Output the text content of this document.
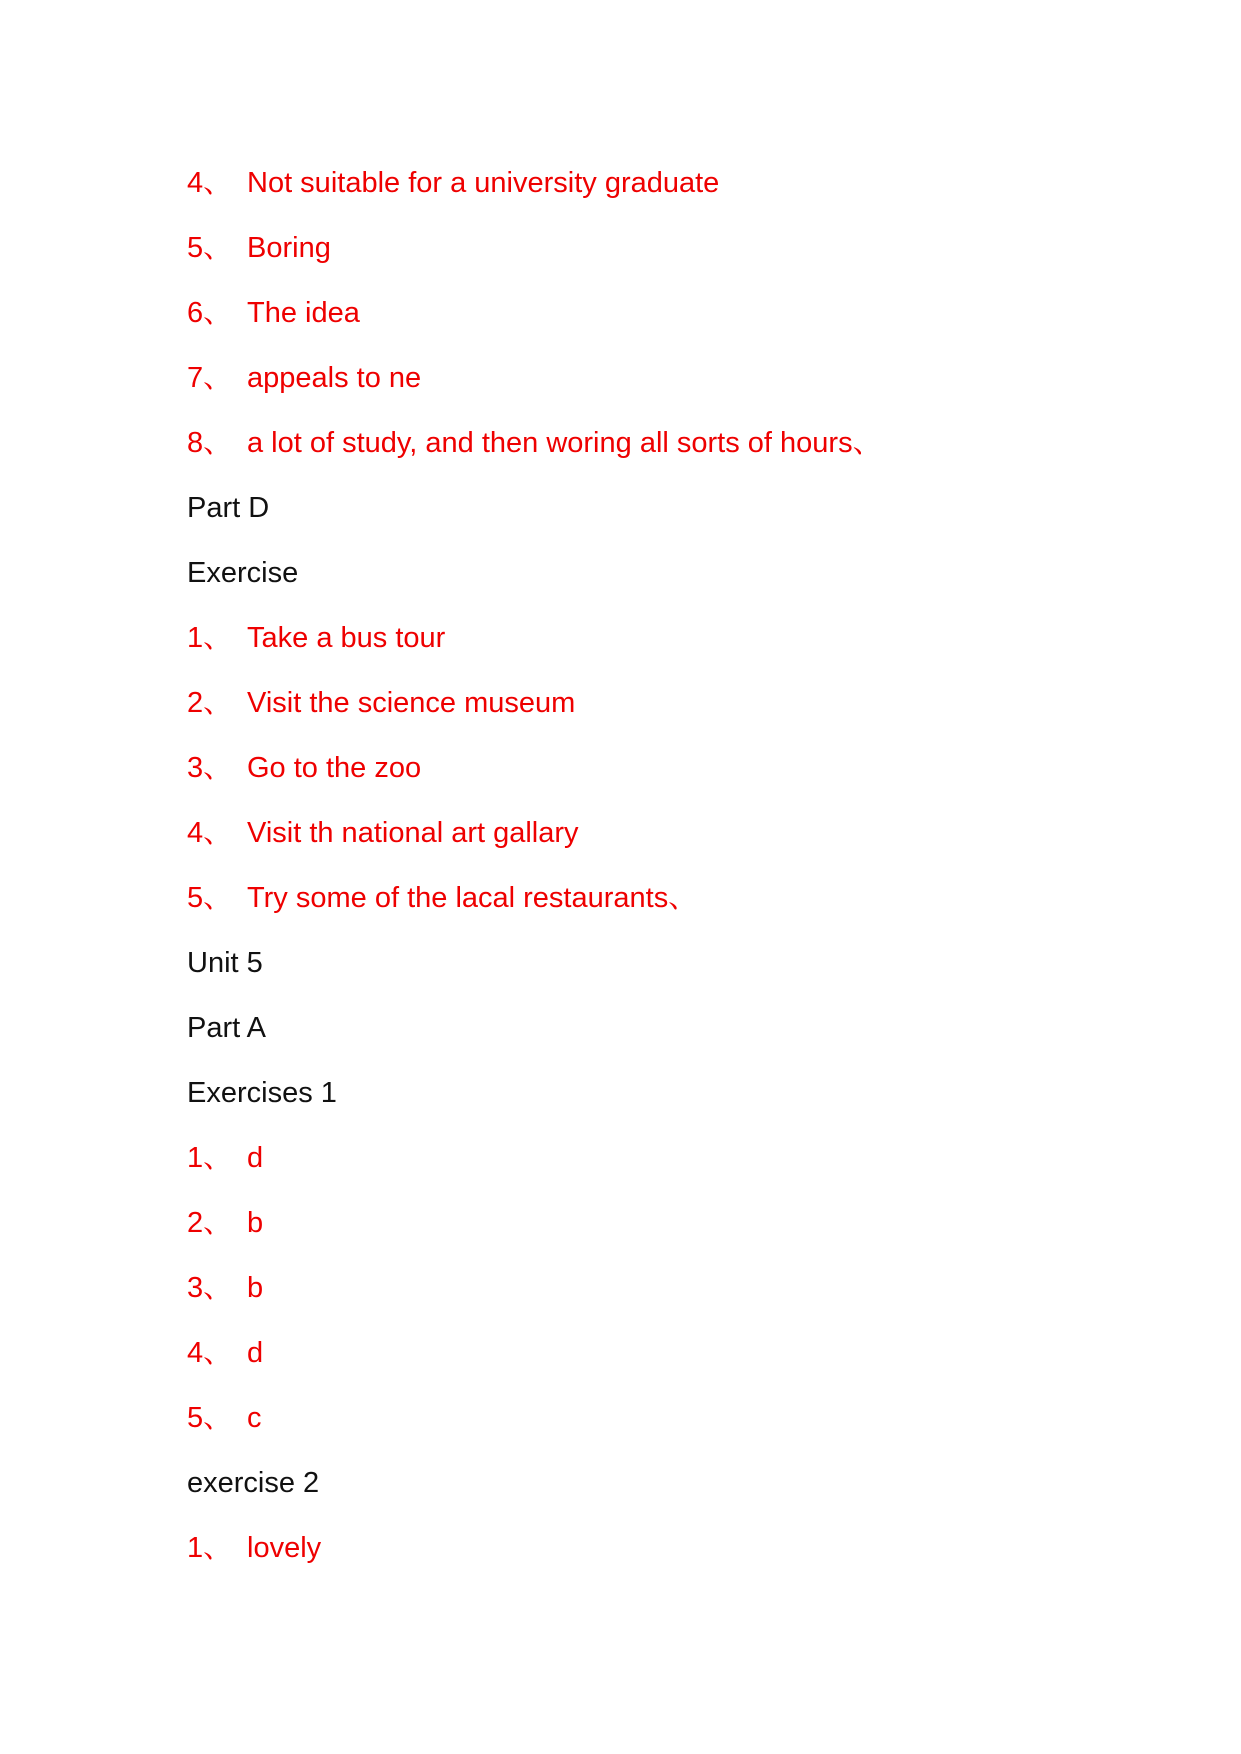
4、 Not suitable for a university graduate
5、 Boring
6、 The idea
7、 appeals to ne
8、 a lot of study, and then woring all sorts of hours、
Part D
Exercise
1、 Take a bus tour
2、 Visit the science museum
3、 Go to the zoo
4、 Visit th national art gallary
5、 Try some of the lacal restaurants、
Unit 5
Part A
Exercises 1
1、 d
2、 b
3、 b
4、 d
5、 c
exercise 2
1、 lovely
